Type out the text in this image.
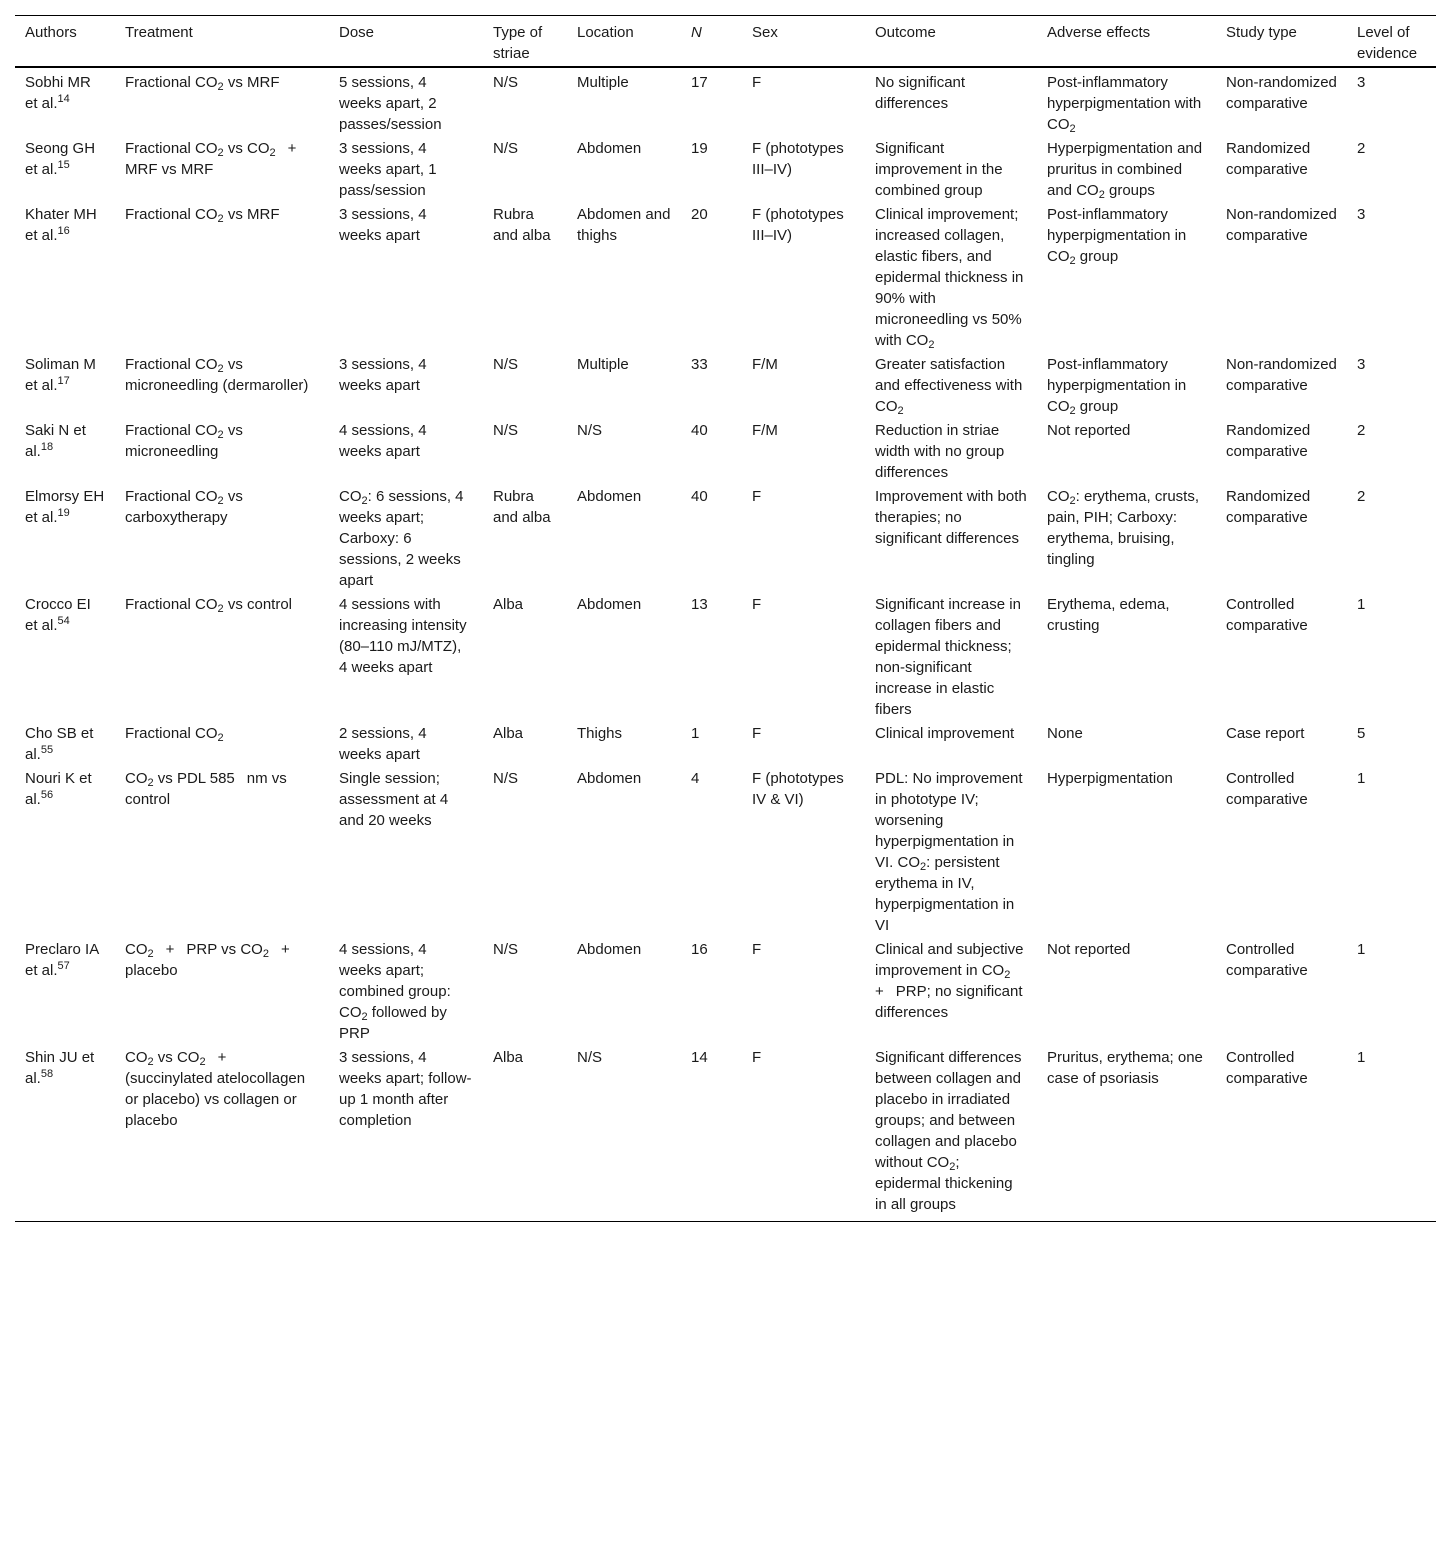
Authors	Treatment	Dose	Type of striae	Location	N	Sex	Outcome	Adverse effects	Study type	Level of evidence
Sobhi MR et al.$^{14}$	Fractional $CO_2$ vs MRF	5 sessions, 4 weeks apart, 2 passes/session	N/S	Multiple	17	F	No significant differences	Post-inflammatory hyperpigmentation with $CO_2$	Non-randomized comparative	3
Seong GH et al.$^{15}$	Fractional $CO_2$ vs $CO_2$    +    MRF vs MRF	3 sessions, 4 weeks apart, 1 pass/session	N/S	Abdomen	19	F (phototypes III–IV)	Significant improvement in the combined group	Hyperpigmentation and pruritus in combined and $CO_2$ groups	Randomized comparative	2
Khater MH et al.$^{16}$	Fractional $CO_2$ vs MRF	3 sessions, 4 weeks apart	Rubra and alba	Abdomen and thighs	20	F (phototypes III–IV)	Clinical improvement; increased collagen, elastic fibers, and epidermal thickness in 90% with microneedling vs 50% with $CO_2$	Post-inflammatory hyperpigmentation in $CO_2$ group	Non-randomized comparative	3
Soliman M et al.$^{17}$	Fractional $CO_2$ vs microneedling (dermaroller)	3 sessions, 4 weeks apart	N/S	Multiple	33	F/M	Greater satisfaction and effectiveness with $CO_2$	Post-inflammatory hyperpigmentation in $CO_2$ group	Non-randomized comparative	3
Saki N et al.$^{18}$	Fractional $CO_2$ vs microneedling	4 sessions, 4 weeks apart	N/S	N/S	40	F/M	Reduction in striae width with no group differences	Not reported	Randomized comparative	2
Elmorsy EH et al.$^{19}$	Fractional $CO_2$ vs carboxytherapy	$CO_2$: 6 sessions, 4 weeks apart; Carboxy: 6 sessions, 2 weeks apart	Rubra and alba	Abdomen	40	F	Improvement with both therapies; no significant differences	$CO_2$: erythema, crusts, pain, PIH; Carboxy: erythema, bruising, tingling	Randomized comparative	2
Crocco EI et al.$^{54}$	Fractional $CO_2$ vs control	4 sessions with increasing intensity (80–110 mJ/MTZ), 4 weeks apart	Alba	Abdomen	13	F	Significant increase in collagen fibers and epidermal thickness; non-significant increase in elastic fibers	Erythema, edema, crusting	Controlled comparative	1
Cho SB et al.$^{55}$	Fractional $CO_2$	2 sessions, 4 weeks apart	Alba	Thighs	1	F	Clinical improvement	None	Case report	5
Nouri K et al.$^{56}$	$CO_2$ vs PDL 585    nm vs control	Single session; assessment at 4 and 20 weeks	N/S	Abdomen	4	F (phototypes IV & VI)	PDL: No improvement in phototype IV; worsening hyperpigmentation in VI. $CO_2$: persistent erythema in IV, hyperpigmentation in VI	Hyperpigmentation	Controlled comparative	1
Preclaro IA et al.$^{57}$	$CO_2$    +    PRP vs $CO_2$    +    placebo	4 sessions, 4 weeks apart; combined group: $CO_2$ followed by PRP	N/S	Abdomen	16	F	Clinical and subjective improvement in $CO_2$    +    PRP; no significant differences	Not reported	Controlled comparative	1
Shin JU et al.$^{58}$	$CO_2$ vs $CO_2$    +    (succinylated atelocollagen or placebo) vs collagen or placebo	3 sessions, 4 weeks apart; follow-up 1 month after completion	Alba	N/S	14	F	Significant differences between collagen and placebo in irradiated groups; and between collagen and placebo without $CO_2$; epidermal thickening in all groups	Pruritus, erythema; one case of psoriasis	Controlled comparative	1
